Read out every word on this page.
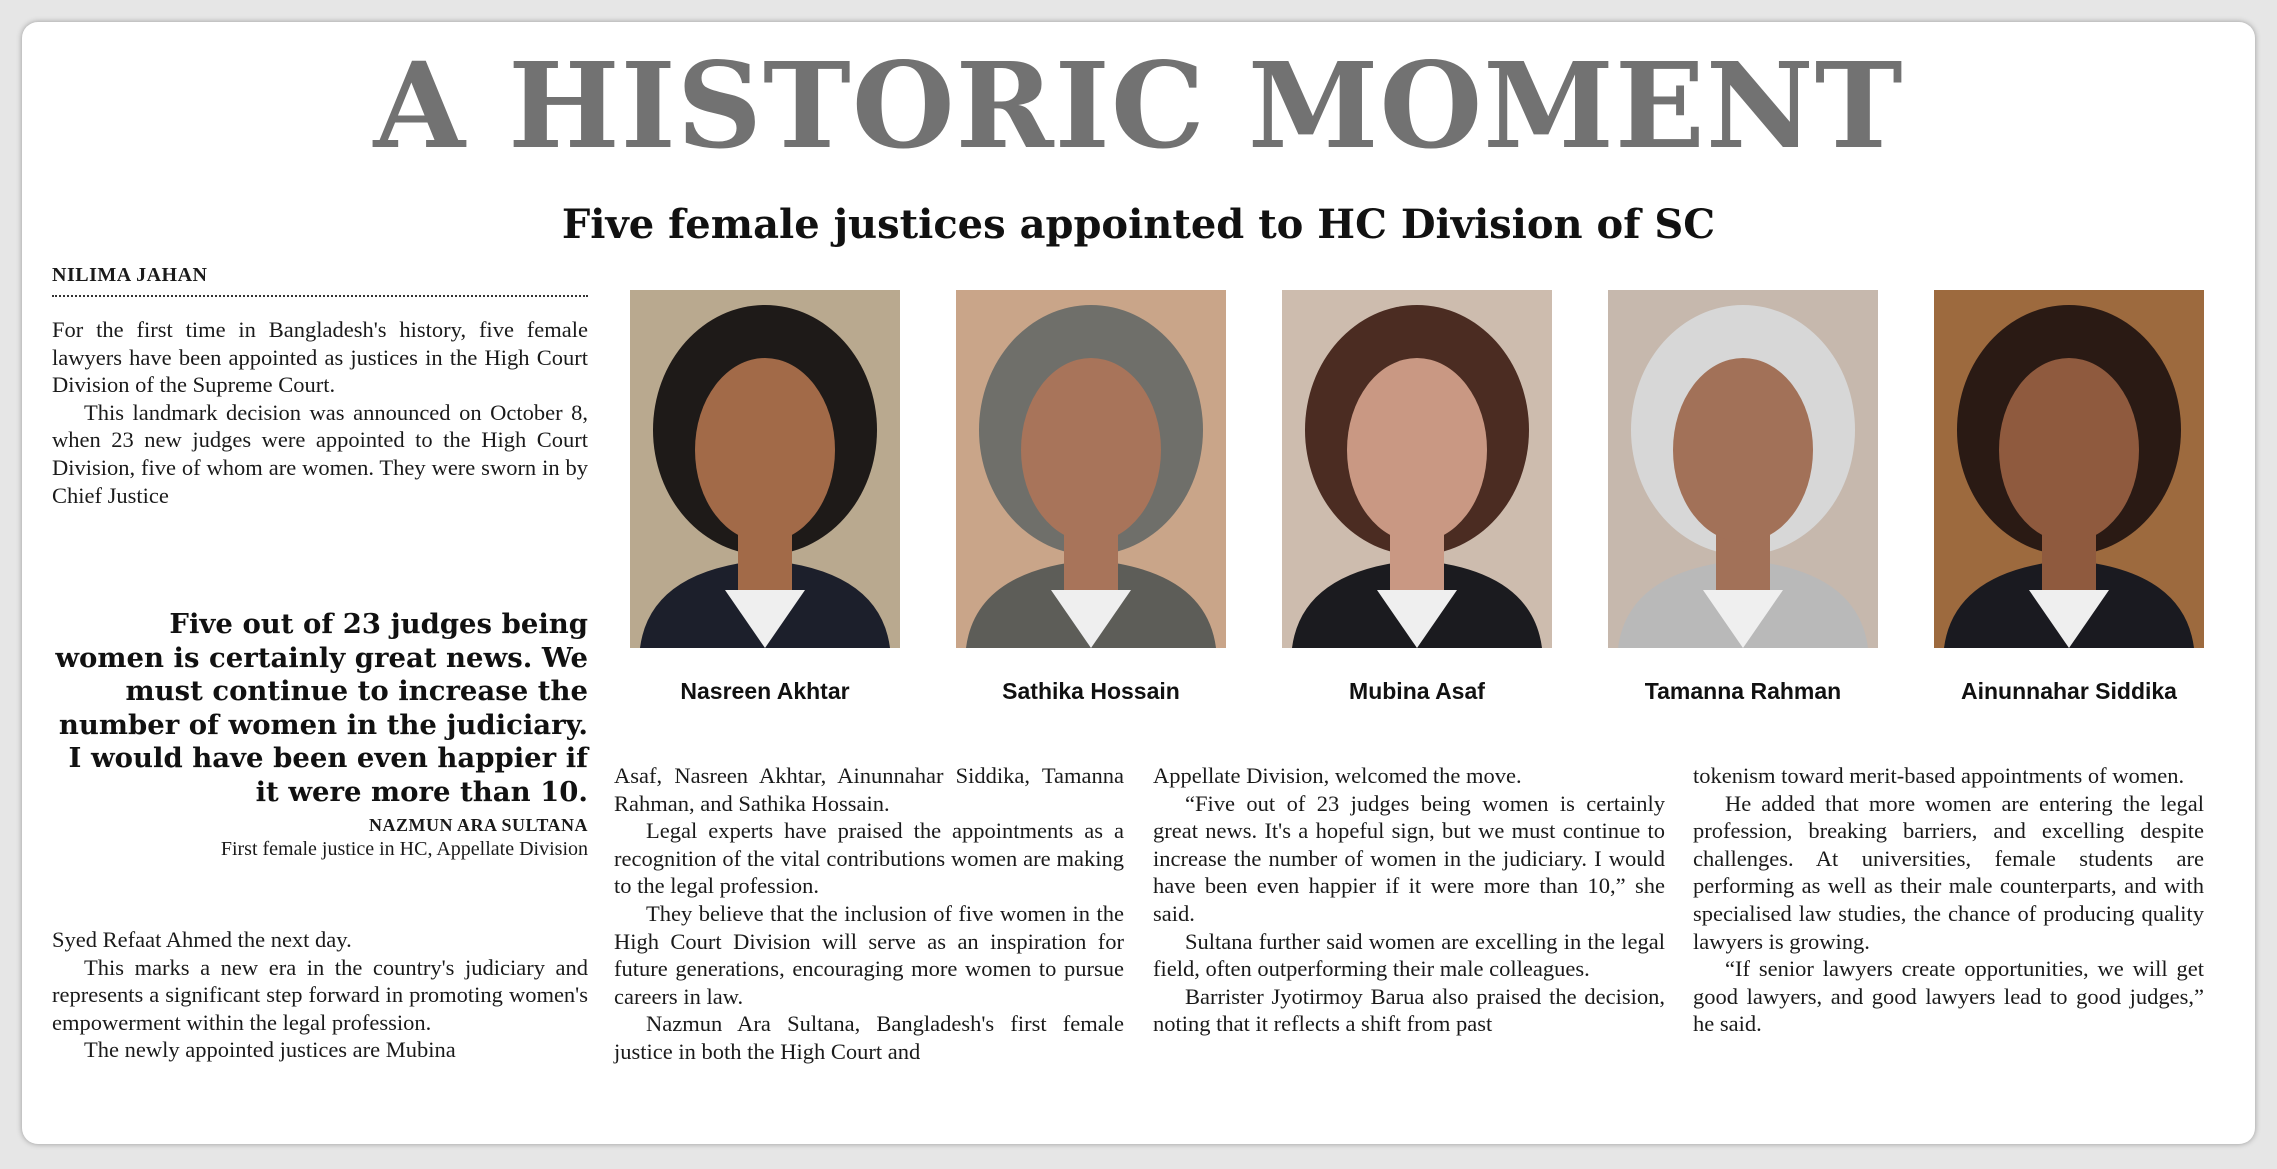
A HISTORIC MOMENT
Five female justices appointed to HC Division of SC
NILIMA JAHAN

For the first time in Bangladesh's history, five female lawyers have been appointed as justices in the High Court Division of the Supreme Court.

This landmark decision was announced on October 8, when 23 new judges were appointed to the High Court Division, five of whom are women. They were sworn in by Chief Justice

Five out of 23 judges being women is certainly great news. We must continue to increase the number of women in the judiciary. I would have been even happier if it were more than 10.
NAZMUN ARA SULTANA
First female justice in HC, Appellate Division

Syed Refaat Ahmed the next day.

This marks a new era in the country's judiciary and represents a significant step forward in promoting women's empowerment within the legal profession.

The newly appointed justices are Mubina

Nasreen Akhtar	Sathika Hossain	Mubina Asaf	Tamanna Rahman	Ainunnahar Siddika

Asaf, Nasreen Akhtar, Ainunnahar Siddika, Tamanna Rahman, and Sathika Hossain.

Legal experts have praised the appointments as a recognition of the vital contributions women are making to the legal profession.

They believe that the inclusion of five women in the High Court Division will serve as an inspiration for future generations, encouraging more women to pursue careers in law.

Nazmun Ara Sultana, Bangladesh's first female justice in both the High Court and

Appellate Division, welcomed the move.

“Five out of 23 judges being women is certainly great news. It's a hopeful sign, but we must continue to increase the number of women in the judiciary. I would have been even happier if it were more than 10,” she said.

Sultana further said women are excelling in the legal field, often outperforming their male colleagues.

Barrister Jyotirmoy Barua also praised the decision, noting that it reflects a shift from past

tokenism toward merit-based appointments of women.

He added that more women are entering the legal profession, breaking barriers, and excelling despite challenges. At universities, female students are performing as well as their male counterparts, and with specialised law studies, the chance of producing quality lawyers is growing.

“If senior lawyers create opportunities, we will get good lawyers, and good lawyers lead to good judges,” he said.
